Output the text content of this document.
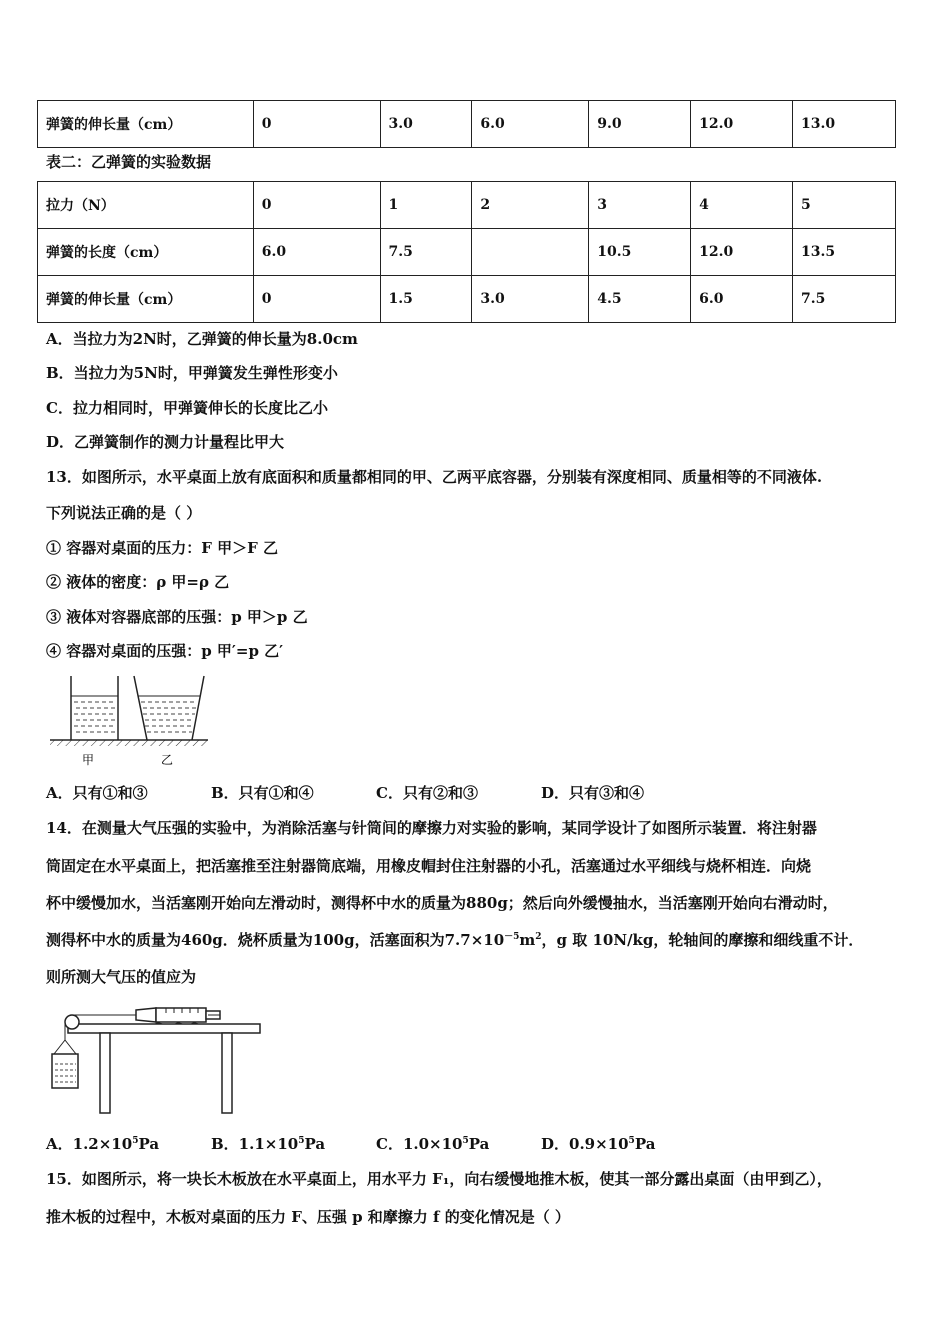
弹簧的伸长量（cm）	0	3.0	6.0	9.0	12.0	13.0
表二：乙弹簧的实验数据
拉力（N）	0	1	2	3	4	5
弹簧的长度（cm）	6.0	7.5		10.5	12.0	13.5
弹簧的伸长量（cm）	0	1.5	3.0	4.5	6.0	7.5
A．当拉力为2N时，乙弹簧的伸长量为8.0cm
B．当拉力为5N时，甲弹簧发生弹性形变小
C．拉力相同时，甲弹簧伸长的长度比乙小
D．乙弹簧制作的测力计量程比甲大
13．如图所示，水平桌面上放有底面积和质量都相同的甲、乙两平底容器，分别装有深度相同、质量相等的不同液体.
下列说法正确的是（ ）
① 容器对桌面的压力：F 甲＞F 乙
② 液体的密度：ρ 甲=ρ 乙
③ 液体对容器底部的压强：p 甲＞p 乙
④ 容器对桌面的压强：p 甲′=p 乙′
甲	乙
A．只有①和③	B．只有①和④	C．只有②和③	D．只有③和④
14．在测量大气压强的实验中，为消除活塞与针筒间的摩擦力对实验的影响，某同学设计了如图所示装置．将注射器
筒固定在水平桌面上，把活塞推至注射器筒底端，用橡皮帽封住注射器的小孔，活塞通过水平细线与烧杯相连．向烧
杯中缓慢加水，当活塞刚开始向左滑动时，测得杯中水的质量为880g；然后向外缓慢抽水，当活塞刚开始向右滑动时，
测得杯中水的质量为460g．烧杯质量为100g，活塞面积为$7.7\times 10^{-5}m^2$，g 取 10N/kg，轮轴间的摩擦和细线重不计．
则所测大气压的值应为
A．$1.2\times 10^5Pa$	B．$1.1\times 10^5Pa$	C．$1.0\times 10^5Pa$	D．$0.9\times 10^5Pa$
15．如图所示，将一块长木板放在水平桌面上，用水平力 F₁，向右缓慢地推木板，使其一部分露出桌面（由甲到乙），
推木板的过程中，木板对桌面的压力 F、压强 p 和摩擦力 f 的变化情况是（ ）
